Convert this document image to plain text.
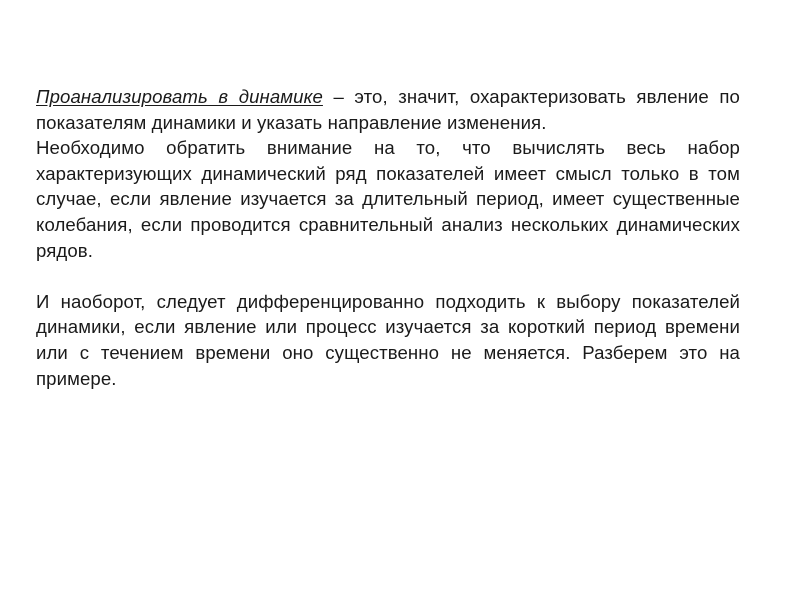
Проанализировать в динамике – это, значит, охарактеризовать явление по показателям динамики и указать направление изменения.

Необходимо обратить внимание на то, что вычислять весь набор характеризующих динамический ряд показателей имеет смысл только в том случае, если явление изучается за длительный период, имеет существенные колебания, если проводится сравнительный анализ нескольких динамических рядов.

И наоборот, следует дифференцированно подходить к выбору показателей динамики, если явление или процесс изучается за короткий период времени или с течением времени оно существенно не меняется. Разберем это на примере.
